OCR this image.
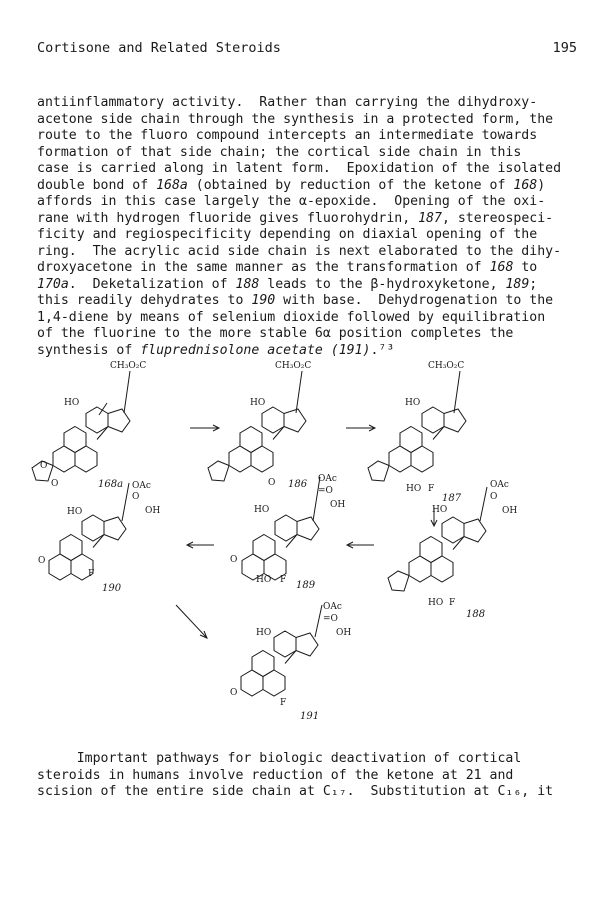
Cortisone and Related Steroids	195
antiinflammatory activity.  Rather than carrying the dihydroxy-
acetone side chain through the synthesis in a protected form, the
route to the fluoro compound intercepts an intermediate towards
formation of that side chain; the cortical side chain in this
case is carried along in latent form.  Epoxidation of the isolated
double bond of 168a (obtained by reduction of the ketone of 168)
affords in this case largely the α-epoxide.  Opening of the oxi-
rane with hydrogen fluoride gives fluorohydrin, 187, stereospeci-
ficity and regiospecificity depending on diaxial opening of the
ring.  The acrylic acid side chain is next elaborated to the dihy-
droxyacetone in the same manner as the transformation of 168 to
170a.  Deketalization of 188 leads to the β-hydroxyketone, 189;
this readily dehydrates to 190 with base.  Dehydrogenation to the
1,4-diene by means of selenium dioxide followed by equilibration
of the fluorine to the more stable 6α position completes the
synthesis of fluprednisolone acetate (191).⁷³
CH₃O₂C
HO
O
O	168a
CH₃O₂C
HO
O 186
CH₃O₂C
HO
HO F
187
OAc
O
OH
HO
HO F
188
OAc
=O
OH
HO
O
HO F 189
OAc
O
OH
HO
O
F
190
OAc
=O
OH
HO
O
F
191
Important pathways for biologic deactivation of cortical
steroids in humans involve reduction of the ketone at 21 and
scision of the entire side chain at C₁₇.  Substitution at C₁₆, it
